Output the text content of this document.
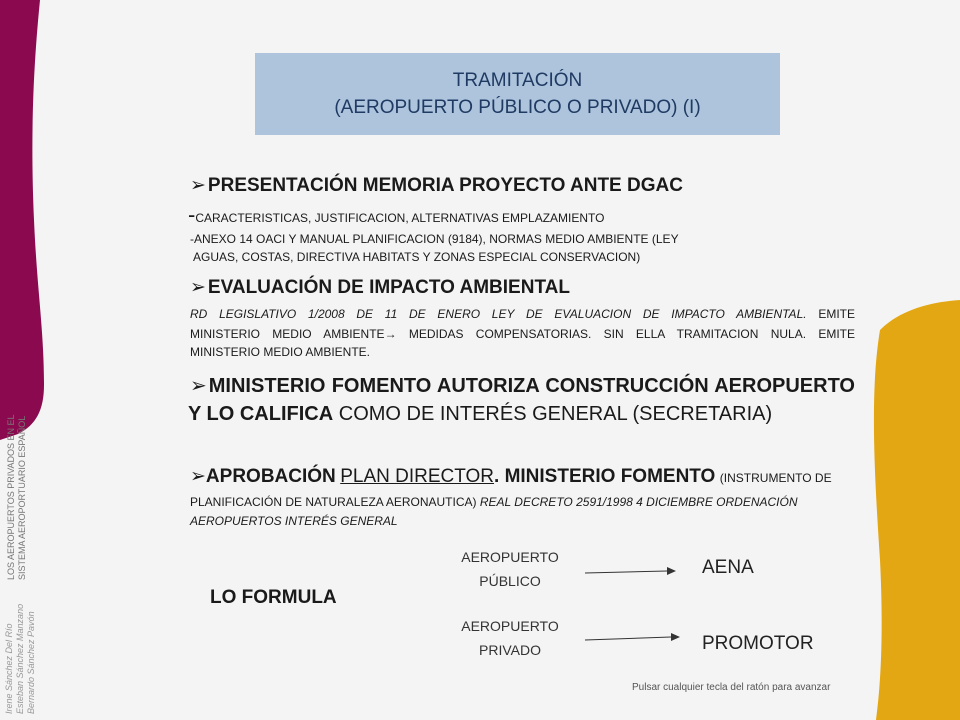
TRAMITACIÓN
(AEROPUERTO PÚBLICO O PRIVADO) (I)
➢ PRESENTACIÓN MEMORIA PROYECTO ANTE DGAC
-CARACTERISTICAS, JUSTIFICACION, ALTERNATIVAS EMPLAZAMIENTO
-ANEXO 14 OACI Y MANUAL PLANIFICACION (9184), NORMAS MEDIO AMBIENTE (LEY
AGUAS, COSTAS, DIRECTIVA HABITATS Y ZONAS ESPECIAL CONSERVACION)
➢ EVALUACIÓN DE IMPACTO AMBIENTAL
RD LEGISLATIVO 1/2008 DE 11 DE ENERO LEY DE EVALUACION DE IMPACTO AMBIENTAL. EMITE
MINISTERIO MEDIO AMBIENTE→ MEDIDAS COMPENSATORIAS. SIN ELLA TRAMITACION NULA. EMITE
MINISTERIO MEDIO AMBIENTE.
➢ MINISTERIO FOMENTO AUTORIZA CONSTRUCCIÓN AEROPUERTO
Y LO CALIFICA COMO DE INTERÉS GENERAL (SECRETARIA)
➢APROBACIÓN PLAN DIRECTOR. MINISTERIO FOMENTO (INSTRUMENTO DE
PLANIFICACIÓN DE NATURALEZA AERONAUTICA) REAL DECRETO 2591/1998 4 DICIEMBRE ORDENACIÓN
AEROPUERTOS INTERÉS GENERAL
LO FORMULA
AEROPUERTO
PÚBLICO
AENA
AEROPUERTO
PRIVADO	PROMOTOR
LOS AEROPUERTOS PRIVADOS EN EL SISTEMA AEROPORTUARIO ESPAÑOL
Irene Sánchez Del Río Esteban Sánchez Manzano Bernardo Sánchez Pavón	Pulsar cualquier tecla del ratón para avanzar
